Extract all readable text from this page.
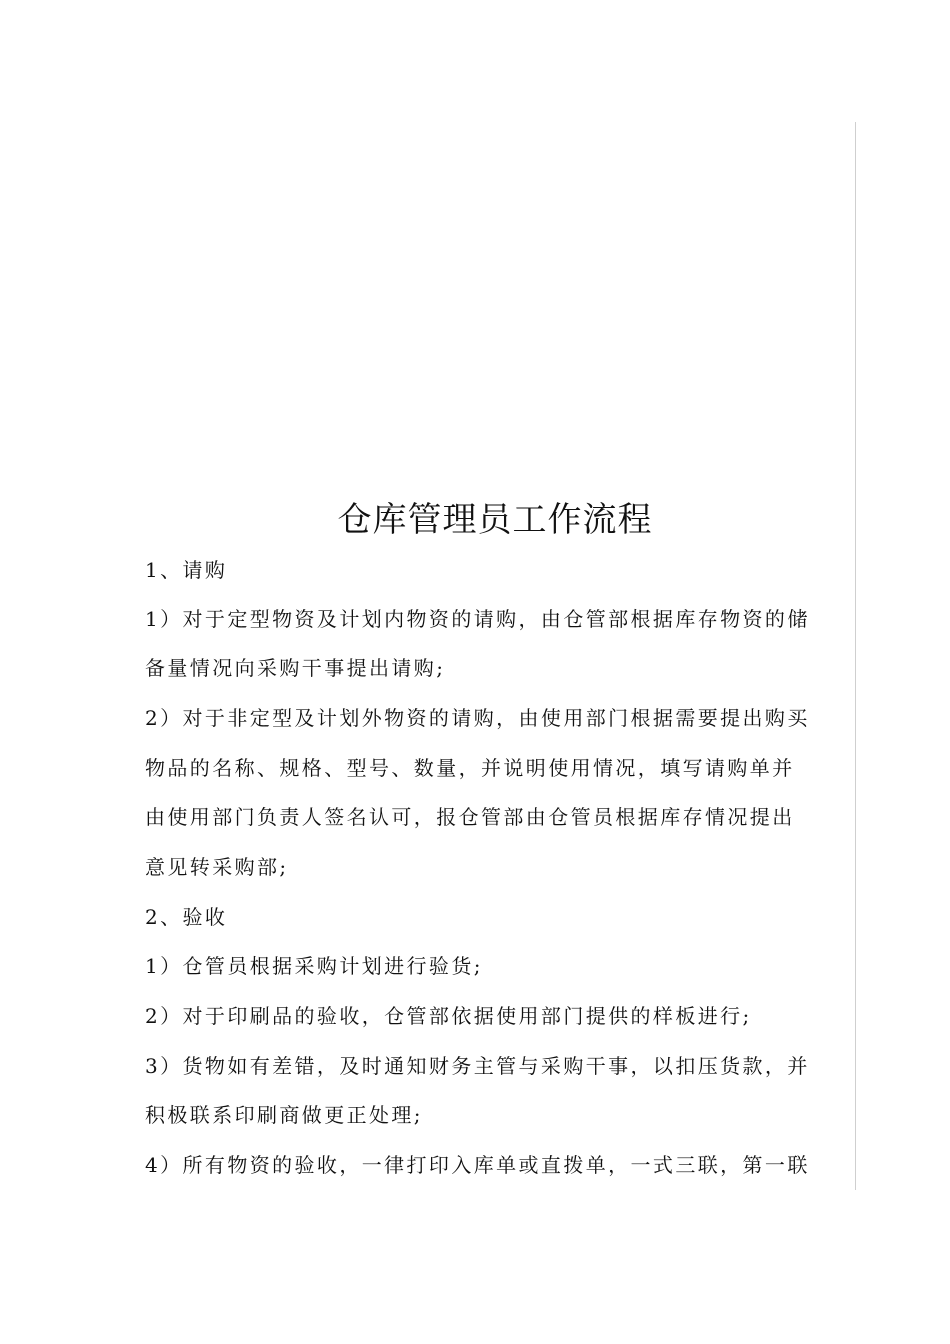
仓库管理员工作流程

1、请购

1）对于定型物资及计划内物资的请购，由仓管部根据库存物资的储

备量情况向采购干事提出请购;

2）对于非定型及计划外物资的请购，由使用部门根据需要提出购买

物品的名称、规格、型号、数量，并说明使用情况，填写请购单并

由使用部门负责人签名认可，报仓管部由仓管员根据库存情况提出

意见转采购部;

2、验收

1）仓管员根据采购计划进行验货;

2）对于印刷品的验收，仓管部依据使用部门提供的样板进行;

3）货物如有差错，及时通知财务主管与采购干事，以扣压货款，并

积极联系印刷商做更正处理;

4）所有物资的验收，一律打印入库单或直拨单，一式三联，第一联
